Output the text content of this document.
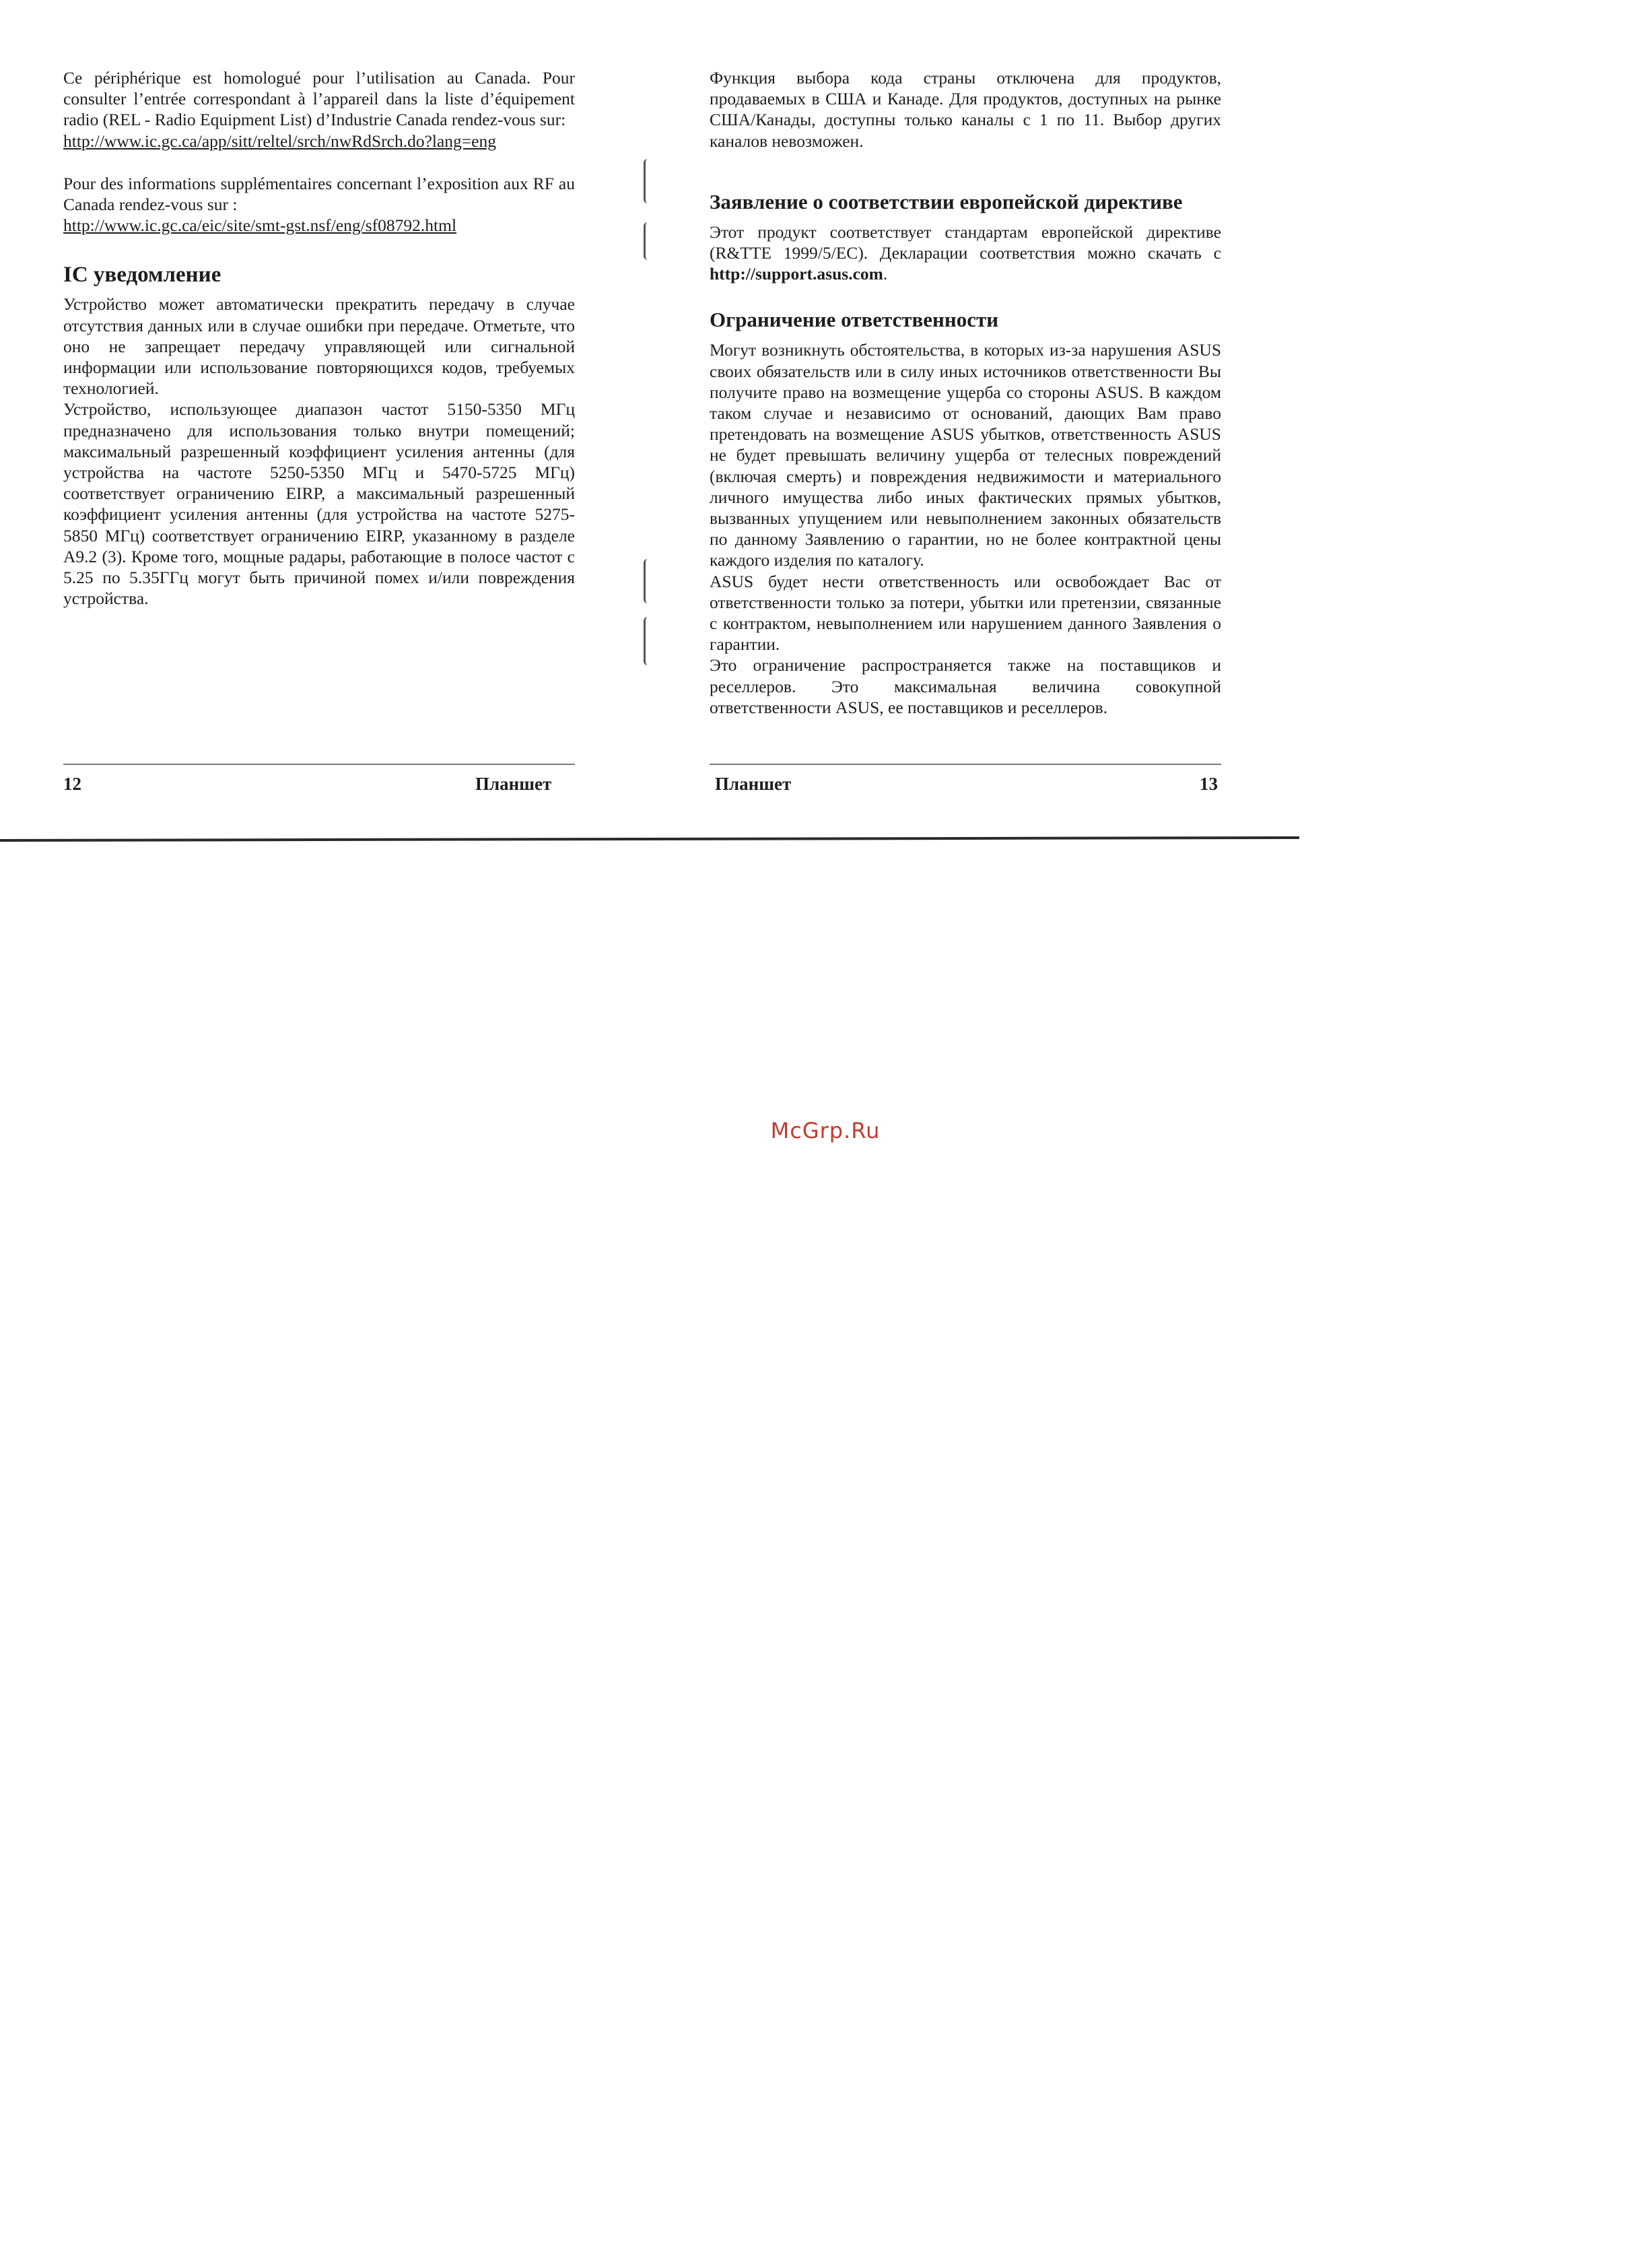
Ce périphérique est homologué pour l’utilisation au Canada. Pour consulter l’entrée correspondant à l’appareil dans la liste d’équipement radio (REL - Radio Equipment List) d’Industrie Canada rendez-vous sur:

http://www.ic.gc.ca/app/sitt/reltel/srch/nwRdSrch.do?lang=eng

Pour des informations supplémentaires concernant l’exposition aux RF au Canada rendez-vous sur :

http://www.ic.gc.ca/eic/site/smt-gst.nsf/eng/sf08792.html

IC уведомление

Устройство может автоматически прекратить передачу в случае отсутствия данных или в случае ошибки при передаче. Отметьте, что оно не запрещает передачу управляющей или сигнальной информации или использование повторяющихся кодов, требуемых технологией.

Устройство, использующее диапазон частот 5150-5350 МГц предназначено для использования только внутри помещений; максимальный разрешенный коэффициент усиления антенны (для устройства на частоте 5250-5350 МГц и 5470-5725 МГц) соответствует ограничению EIRP, а максимальный разрешенный коэффициент усиления антенны (для устройства на частоте 5275-5850 МГц) соответствует ограничению EIRP, указанному в разделе A9.2 (3). Кроме того, мощные радары, работающие в полосе частот с 5.25 по 5.35ГГц могут быть причиной помех и/или повреждения устройства.

12	Планшет

Функция выбора кода страны отключена для продуктов, продаваемых в США и Канаде. Для продуктов, доступных на рынке США/Канады, доступны только каналы с 1 по 11. Выбор других каналов невозможен.

Заявление о соответствии европейской директиве

Этот продукт соответствует стандартам европейской директиве (R&TTE 1999/5/EC). Декларации соответствия можно скачать с http://support.asus.com.

Ограничение ответственности

Могут возникнуть обстоятельства, в которых из-за нарушения ASUS своих обязательств или в силу иных источников ответственности Вы получите право на возмещение ущерба со стороны ASUS. В каждом таком случае и независимо от оснований, дающих Вам право претендовать на возмещение ASUS убытков, ответственность ASUS не будет превышать величину ущерба от телесных повреждений (включая смерть) и повреждения недвижимости и материального личного имущества либо иных фактических прямых убытков, вызванных упущением или невыполнением законных обязательств по данному Заявлению о гарантии, но не более контрактной цены каждого изделия по каталогу.

ASUS будет нести ответственность или освобождает Вас от ответственности только за потери, убытки или претензии, связанные с контрактом, невыполнением или нарушением данного Заявления о гарантии.

Это ограничение распространяется также на поставщиков и реселлеров. Это максимальная величина совокупной ответственности ASUS, ее поставщиков и реселлеров.

Планшет	13
McGrp.Ru
